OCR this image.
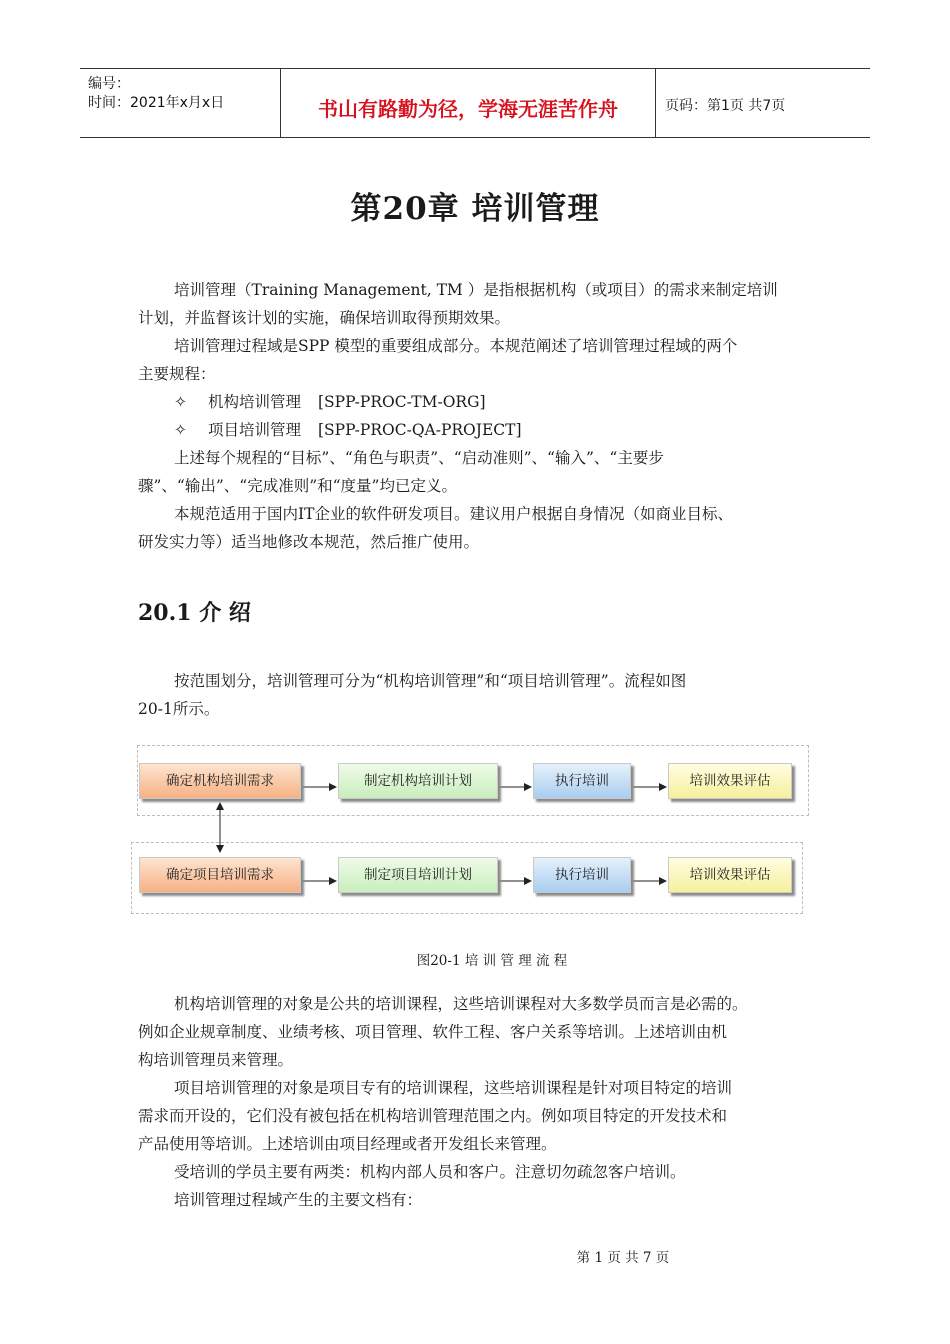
编号：
时间：2021年x月x日	书山有路勤为径，学海无涯苦作舟	页码：第1页 共7页
第20章 培训管理
培训管理（Training Management, TM ）是指根据机构（或项目）的需求来制定培训
计划，并监督该计划的实施，确保培训取得预期效果。
培训管理过程域是SPP 模型的重要组成部分。本规范阐述了培训管理过程域的两个
主要规程：
✧ 机构培训管理 [SPP-PROC-TM-ORG]
✧ 项目培训管理 [SPP-PROC-QA-PROJECT]
上述每个规程的“目标”、“角色与职责”、“启动准则”、“输入”、“主要步
骤”、“输出”、“完成准则”和“度量”均已定义。
本规范适用于国内IT企业的软件研发项目。建议用户根据自身情况（如商业目标、
研发实力等）适当地修改本规范，然后推广使用。
20.1 介 绍
按范围划分，培训管理可分为“机构培训管理”和“项目培训管理”。流程如图
20-1所示。
确定机构培训需求	制定机构培训计划	执行培训	培训效果评估
确定项目培训需求	制定项目培训计划	执行培训	培训效果评估
图20-1 培 训 管 理 流 程
机构培训管理的对象是公共的培训课程，这些培训课程对大多数学员而言是必需的。
例如企业规章制度、业绩考核、项目管理、软件工程、客户关系等培训。上述培训由机
构培训管理员来管理。
项目培训管理的对象是项目专有的培训课程，这些培训课程是针对项目特定的培训
需求而开设的，它们没有被包括在机构培训管理范围之内。例如项目特定的开发技术和
产品使用等培训。上述培训由项目经理或者开发组长来管理。
受培训的学员主要有两类：机构内部人员和客户。注意切勿疏忽客户培训。
培训管理过程域产生的主要文档有：
第 1 页 共 7 页
